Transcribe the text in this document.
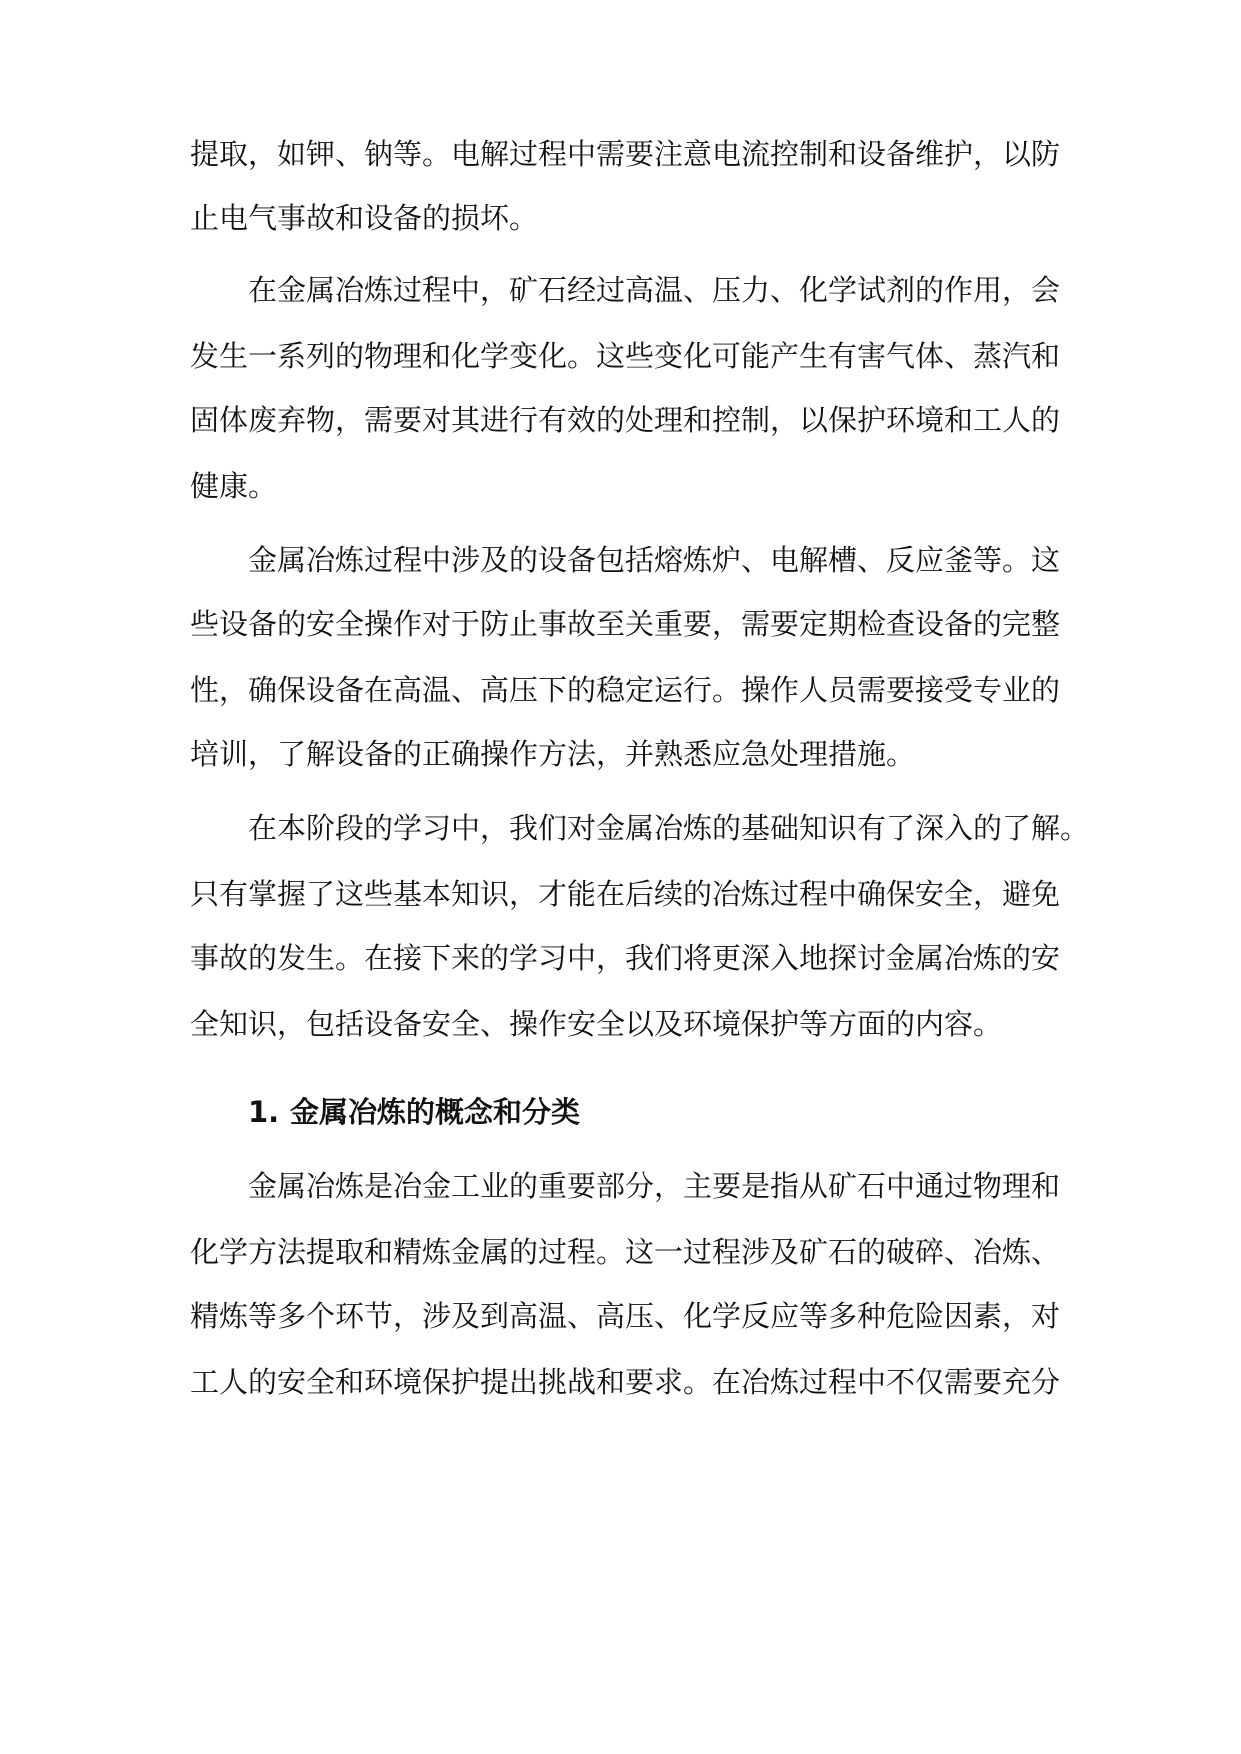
提取，如钾、钠等。电解过程中需要注意电流控制和设备维护，以防
止电气事故和设备的损坏。
在金属冶炼过程中，矿石经过高温、压力、化学试剂的作用，会
发生一系列的物理和化学变化。这些变化可能产生有害气体、蒸汽和
固体废弃物，需要对其进行有效的处理和控制，以保护环境和工人的
健康。
金属冶炼过程中涉及的设备包括熔炼炉、电解槽、反应釜等。这
些设备的安全操作对于防止事故至关重要，需要定期检查设备的完整
性，确保设备在高温、高压下的稳定运行。操作人员需要接受专业的
培训，了解设备的正确操作方法，并熟悉应急处理措施。
在本阶段的学习中，我们对金属冶炼的基础知识有了深入的了解。
只有掌握了这些基本知识，才能在后续的冶炼过程中确保安全，避免
事故的发生。在接下来的学习中，我们将更深入地探讨金属冶炼的安
全知识，包括设备安全、操作安全以及环境保护等方面的内容。
1. 金属冶炼的概念和分类
金属冶炼是冶金工业的重要部分，主要是指从矿石中通过物理和
化学方法提取和精炼金属的过程。这一过程涉及矿石的破碎、冶炼、
精炼等多个环节，涉及到高温、高压、化学反应等多种危险因素，对
工人的安全和环境保护提出挑战和要求。在冶炼过程中不仅需要充分
